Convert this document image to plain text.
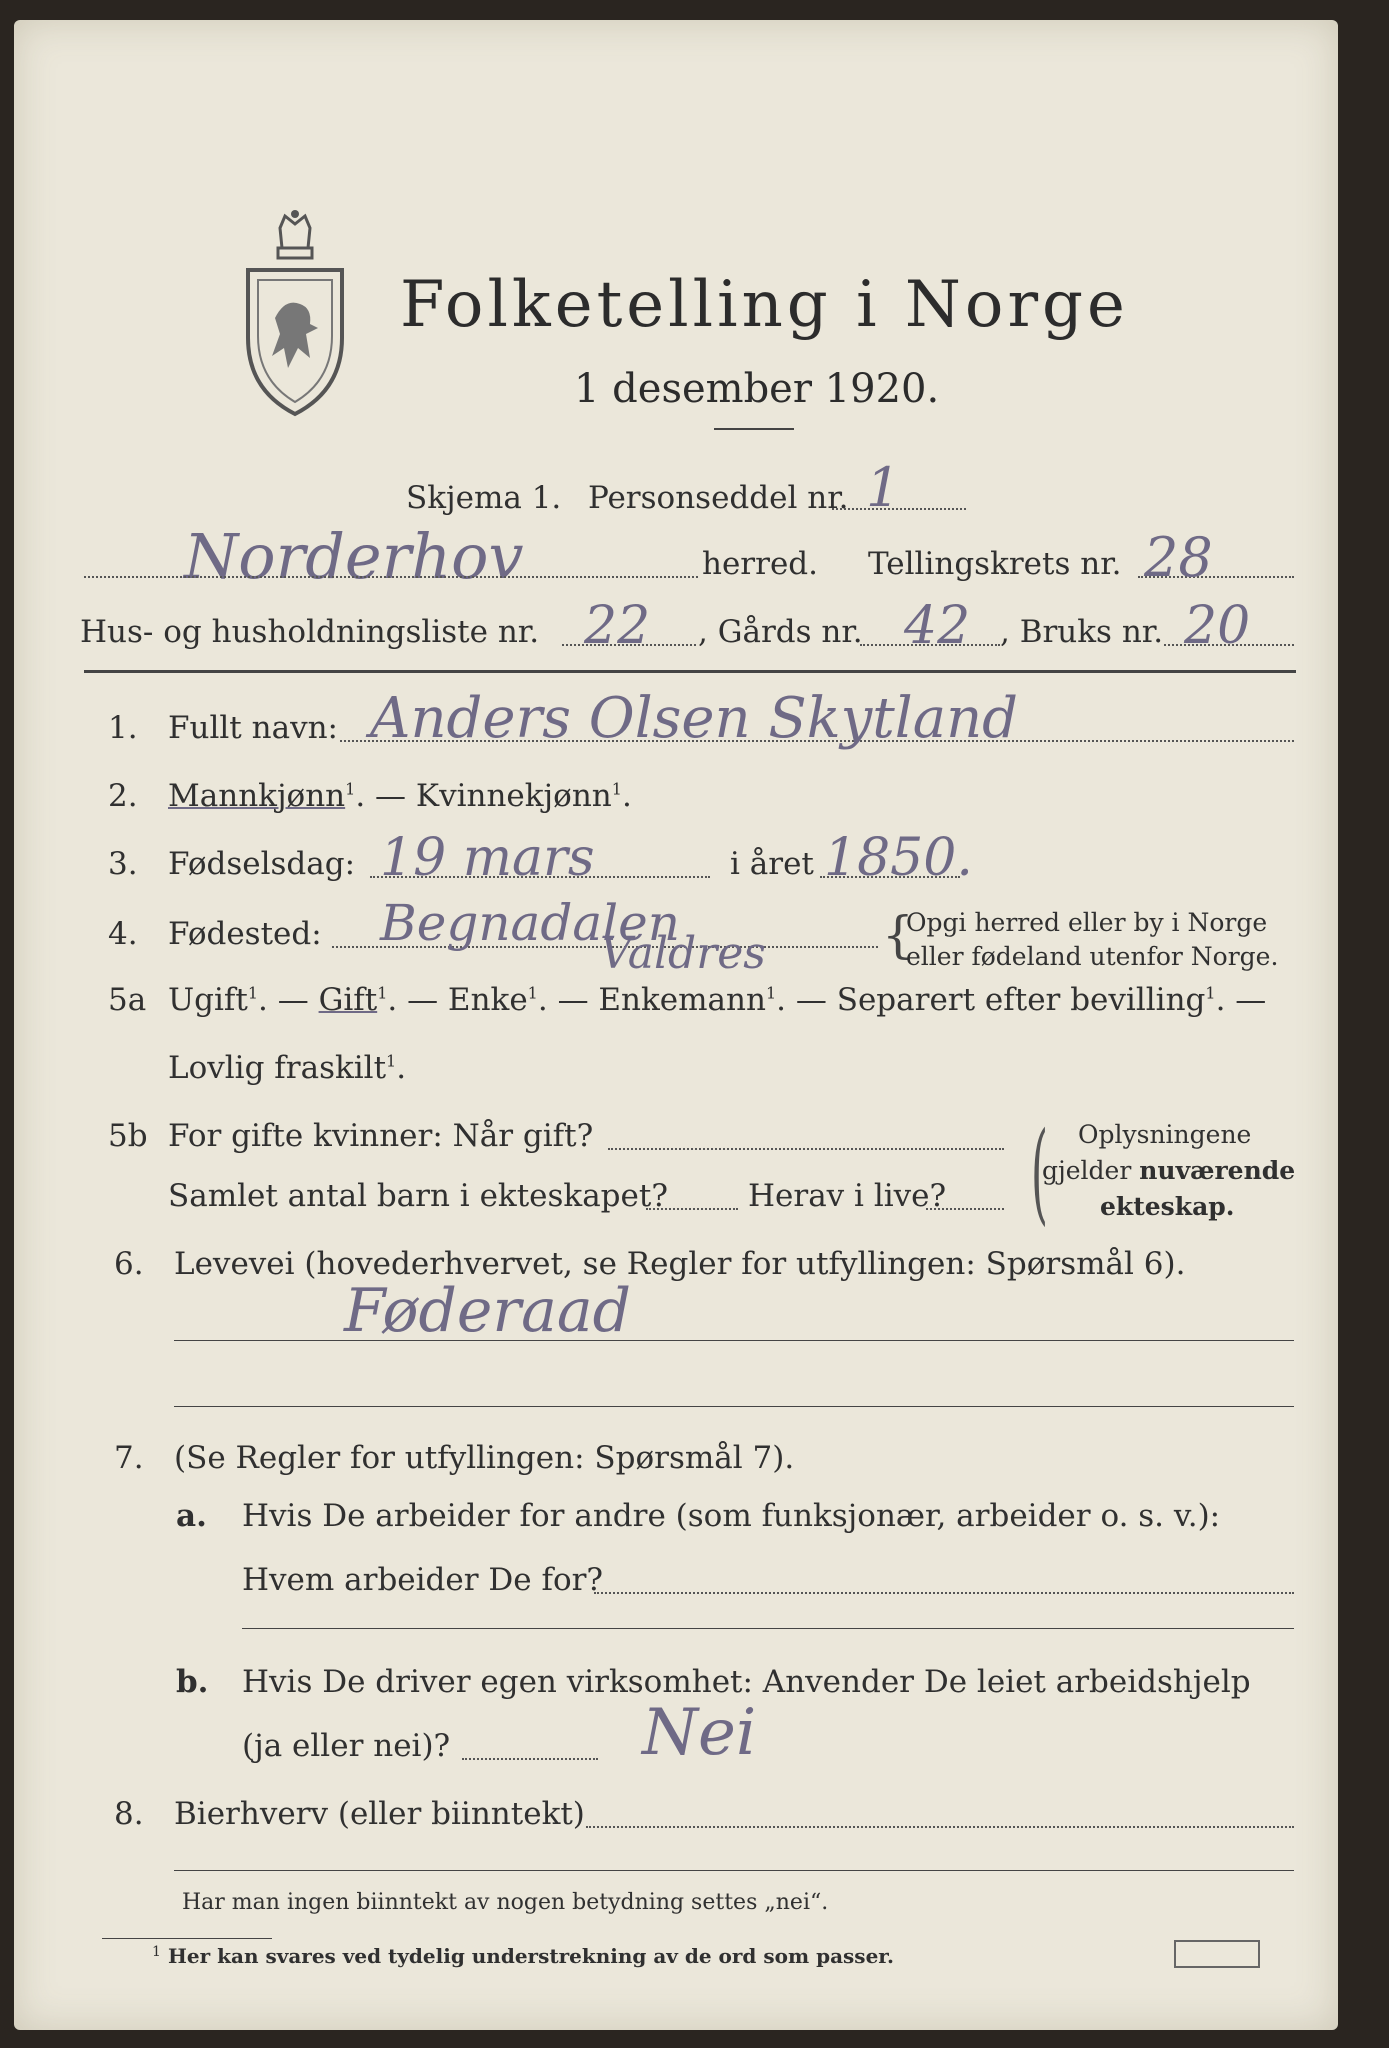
Folketelling i Norge
1 desember 1920.
Skjema 1. Personseddel nr. 1
Norderhov	herred. Tellingskrets nr. 28
Hus- og husholdningsliste nr. 22 , Gårds nr. 42 , Bruks nr. 20
1. Fullt navn: Anders Olsen Skytland
2. Mannkjønn$^1$. — Kvinnekjønn$^1$.
3. Fødselsdag: 19 mars	i året 1850.
4. Fødested: Begnadalen
Valdres {
Opgi herred eller by i Norge
eller fødeland utenfor Norge.
5a Ugift$^1$. — Gift$^1$. — Enke$^1$. — Enkemann$^1$. — Separert efter bevilling$^1$. —
Lovlig fraskilt$^1$.
5b For gifte kvinner: Når gift?
Samlet antal barn i ekteskapet?	Herav i live? ( Oplysningene
gjelder nuværende
ekteskap.
6. Levevei (hovederhvervet, se Regler for utfyllingen: Spørsmål 6).
Føderaad
7. (Se Regler for utfyllingen: Spørsmål 7).
a. Hvis De arbeider for andre (som funksjonær, arbeider o. s. v.):
Hvem arbeider De for?
b. Hvis De driver egen virksomhet: Anvender De leiet arbeidshjelp
(ja eller nei)?	Nei
8. Bierhverv (eller biinntekt)
Har man ingen biinntekt av nogen betydning settes „nei“.
1 Her kan svares ved tydelig understrekning av de ord som passer.
